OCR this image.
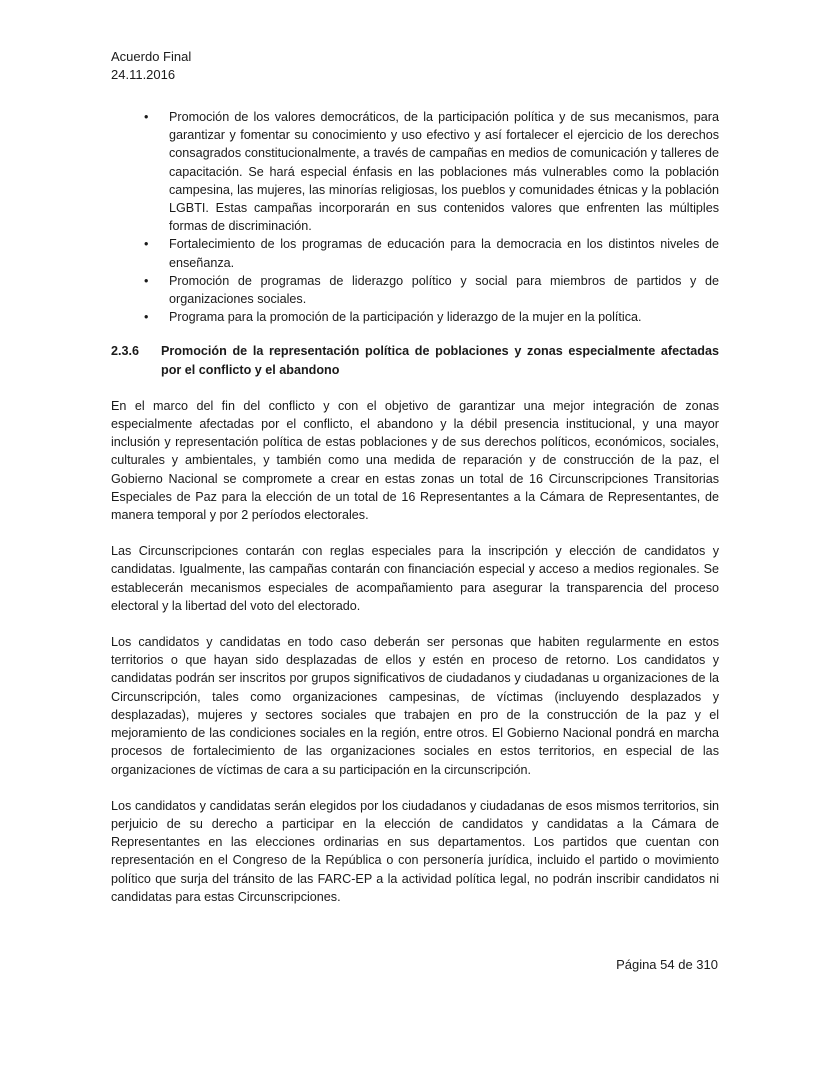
Acuerdo Final
24.11.2016
• Promoción de los valores democráticos, de la participación política y de sus mecanismos, para garantizar y fomentar su conocimiento y uso efectivo y así fortalecer el ejercicio de los derechos consagrados constitucionalmente, a través de campañas en medios de comunicación y talleres de capacitación. Se hará especial énfasis en las poblaciones más vulnerables como la población campesina, las mujeres, las minorías religiosas, los pueblos y comunidades étnicas y la población LGBTI. Estas campañas incorporarán en sus contenidos valores que enfrenten las múltiples formas de discriminación.
• Fortalecimiento de los programas de educación para la democracia en los distintos niveles de enseñanza.
• Promoción de programas de liderazgo político y social para miembros de partidos y de organizaciones sociales.
• Programa para la promoción de la participación y liderazgo de la mujer en la política.
2.3.6	Promoción de la representación política de poblaciones y zonas especialmente afectadas por el conflicto y el abandono

En el marco del fin del conflicto y con el objetivo de garantizar una mejor integración de zonas especialmente afectadas por el conflicto, el abandono y la débil presencia institucional, y una mayor inclusión y representación política de estas poblaciones y de sus derechos políticos, económicos, sociales, culturales y ambientales, y también como una medida de reparación y de construcción de la paz, el Gobierno Nacional se compromete a crear en estas zonas un total de 16 Circunscripciones Transitorias Especiales de Paz para la elección de un total de 16 Representantes a la Cámara de Representantes, de manera temporal y por 2 períodos electorales.

Las Circunscripciones contarán con reglas especiales para la inscripción y elección de candidatos y candidatas. Igualmente, las campañas contarán con financiación especial y acceso a medios regionales. Se establecerán mecanismos especiales de acompañamiento para asegurar la transparencia del proceso electoral y la libertad del voto del electorado.

Los candidatos y candidatas en todo caso deberán ser personas que habiten regularmente en estos territorios o que hayan sido desplazadas de ellos y estén en proceso de retorno. Los candidatos y candidatas podrán ser inscritos por grupos significativos de ciudadanos y ciudadanas u organizaciones de la Circunscripción, tales como organizaciones campesinas, de víctimas (incluyendo desplazados y desplazadas), mujeres y sectores sociales que trabajen en pro de la construcción de la paz y el mejoramiento de las condiciones sociales en la región, entre otros. El Gobierno Nacional pondrá en marcha procesos de fortalecimiento de las organizaciones sociales en estos territorios, en especial de las organizaciones de víctimas de cara a su participación en la circunscripción.

Los candidatos y candidatas serán elegidos por los ciudadanos y ciudadanas de esos mismos territorios, sin perjuicio de su derecho a participar en la elección de candidatos y candidatas a la Cámara de Representantes en las elecciones ordinarias en sus departamentos. Los partidos que cuentan con representación en el Congreso de la República o con personería jurídica, incluido el partido o movimiento político que surja del tránsito de las FARC-EP a la actividad política legal, no podrán inscribir candidatos ni candidatas para estas Circunscripciones.

Página 54 de 310
